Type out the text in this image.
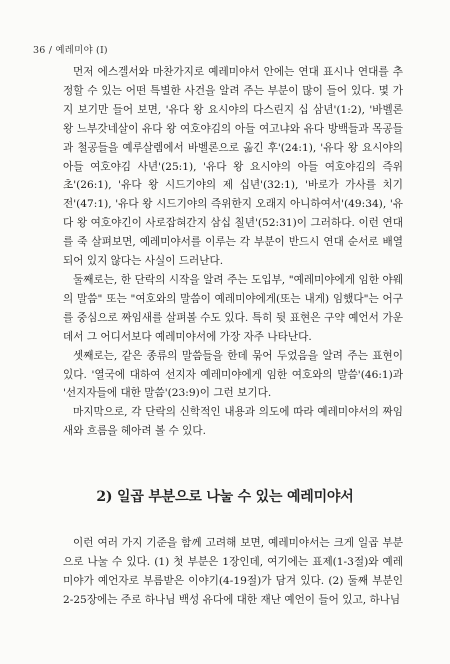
36 / 예레미야 (I)

먼저 에스겔서와 마찬가지로 예레미야서 안에는 연대 표시나 연대를 추정할 수 있는 어떤 특별한 사건을 알려 주는 부분이 많이 들어 있다. 몇 가지 보기만 들어 보면, '유다 왕 요시야의 다스린지 십 삼년'(1:2), '바벨론 왕 느부갓네살이 유다 왕 여호야김의 아들 여고냐와 유다 방백들과 목공들과 철공들을 예루살렘에서 바벨론으로 옮긴 후'(24:1), '유다 왕 요시야의 아들 여호야김 사년'(25:1), '유다 왕 요시야의 아들 여호야김의 즉위초'(26:1), '유다 왕 시드기야의 제 십년'(32:1), '바로가 가사를 치기 전'(47:1), '유다 왕 시드기야의 즉위한지 오래지 아니하여서'(49:34), '유다 왕 여호야긴이 사로잡혀간지 삼십 칠년'(52:31)이 그러하다. 이런 연대를 죽 살펴보면, 예레미야서를 이루는 각 부분이 반드시 연대 순서로 배열되어 있지 않다는 사실이 드러난다.

둘째로는, 한 단락의 시작을 알려 주는 도입부, "예레미야에게 임한 야웨의 말씀" 또는 "여호와의 말씀이 예레미야에게(또는 내게) 임했다"는 어구를 중심으로 짜임새를 살펴볼 수도 있다. 특히 뒷 표현은 구약 예언서 가운데서 그 어디서보다 예레미야서에 가장 자주 나타난다.

셋째로는, 같은 종류의 말씀들을 한데 묶어 두었음을 알려 주는 표현이 있다. '열국에 대하여 선지자 예레미야에게 임한 여호와의 말씀'(46:1)과 '선지자들에 대한 말씀'(23:9)이 그런 보기다.

마지막으로, 각 단락의 신학적인 내용과 의도에 따라 예레미야서의 짜임새와 흐름을 헤아려 볼 수 있다.

2) 일곱 부분으로 나눌 수 있는 예레미야서

이런 여러 가지 기준을 함께 고려해 보면, 예레미야서는 크게 일곱 부분으로 나눌 수 있다. (1) 첫 부분은 1장인데, 여기에는 표제(1-3절)와 예레미야가 예언자로 부름받은 이야기(4-19절)가 담겨 있다. (2) 둘째 부분인 2-25장에는 주로 하나님 백성 유다에 대한 재난 예언이 들어 있고, 하나님
